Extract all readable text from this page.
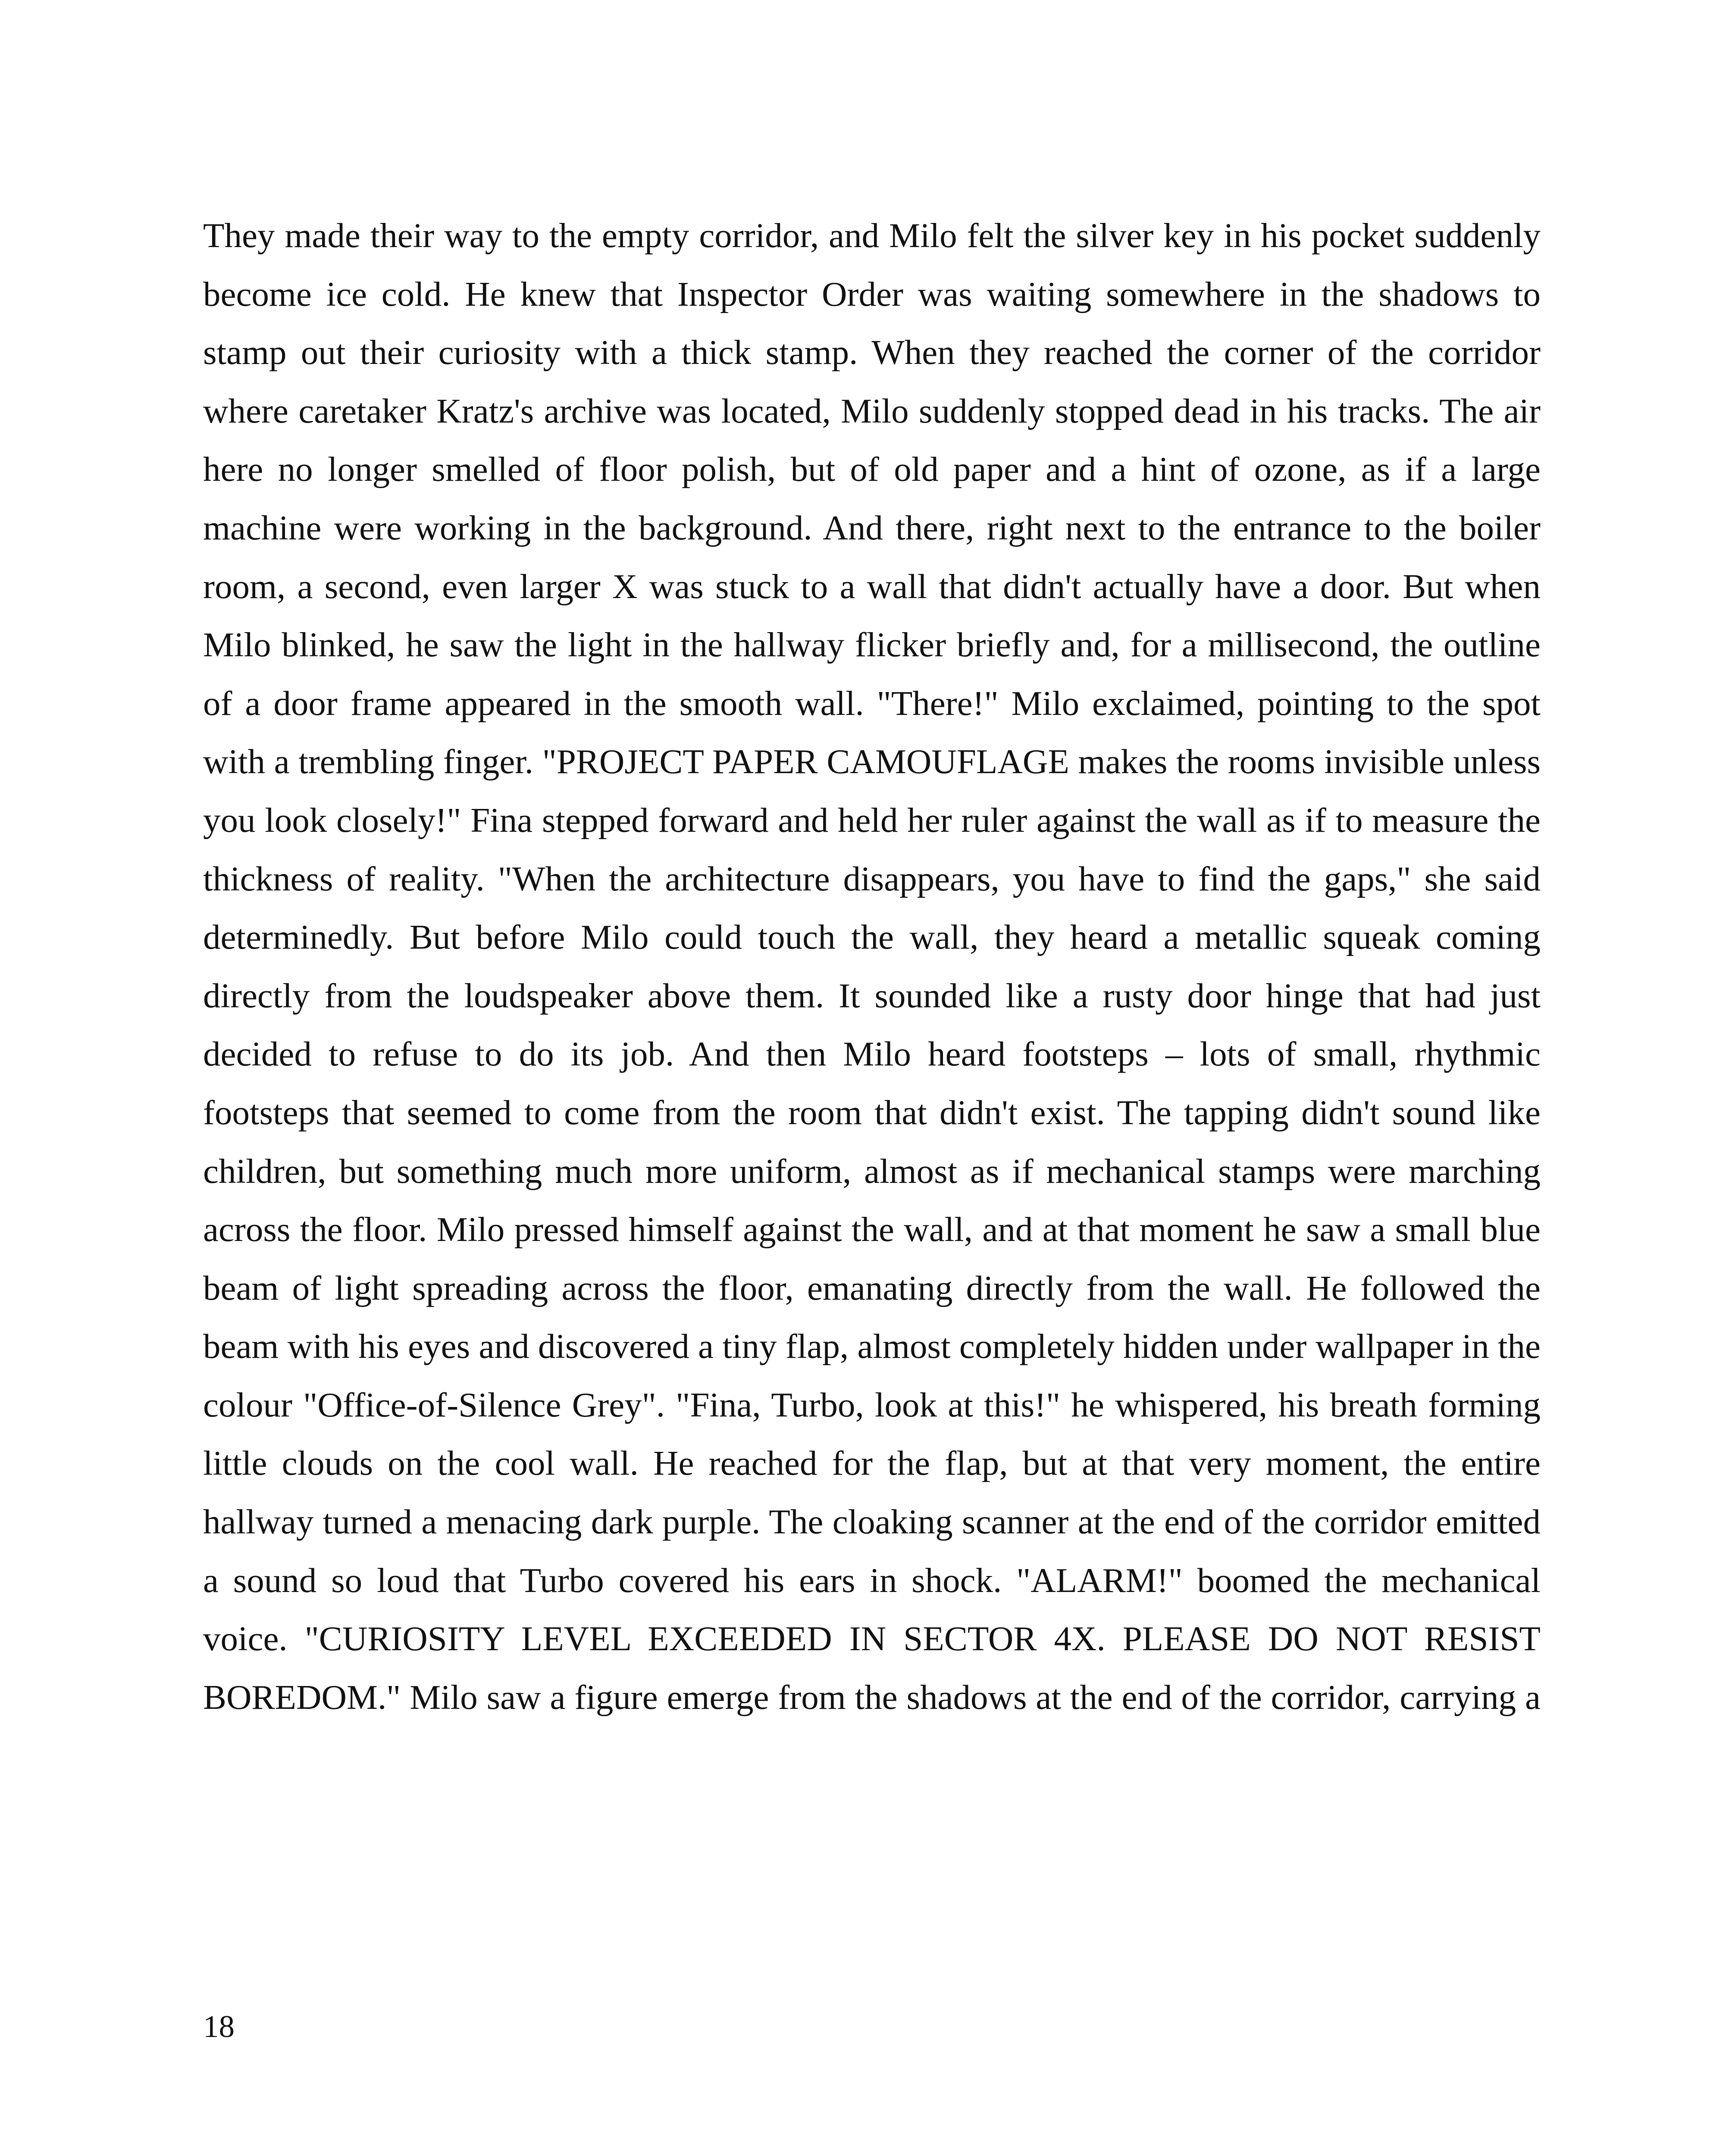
They made their way to the empty corridor, and Milo felt the silver key in his pocket suddenly become ice cold. He knew that Inspector Order was waiting somewhere in the shadows to stamp out their curiosity with a thick stamp. When they reached the corner of the corridor where caretaker Kratz's archive was located, Milo suddenly stopped dead in his tracks. The air here no longer smelled of floor polish, but of old paper and a hint of ozone, as if a large machine were working in the background. And there, right next to the entrance to the boiler room, a second, even larger X was stuck to a wall that didn't actually have a door. But when Milo blinked, he saw the light in the hallway flicker briefly and, for a millisecond, the outline of a door frame appeared in the smooth wall. "There!" Milo exclaimed, pointing to the spot with a trembling finger. "PROJECT PAPER CAMOUFLAGE makes the rooms invisible unless you look closely!" Fina stepped forward and held her ruler against the wall as if to measure the thickness of reality. "When the architecture disappears, you have to find the gaps," she said determinedly. But before Milo could touch the wall, they heard a metallic squeak coming directly from the loudspeaker above them. It sounded like a rusty door hinge that had just decided to refuse to do its job. And then Milo heard footsteps – lots of small, rhythmic footsteps that seemed to come from the room that didn't exist. The tapping didn't sound like children, but something much more uniform, almost as if mechanical stamps were marching across the floor. Milo pressed himself against the wall, and at that moment he saw a small blue beam of light spreading across the floor, emanating directly from the wall. He followed the beam with his eyes and discovered a tiny flap, almost completely hidden under wallpaper in the colour "Office-of-Silence Grey". "Fina, Turbo, look at this!" he whispered, his breath forming little clouds on the cool wall. He reached for the flap, but at that very moment, the entire hallway turned a menacing dark purple. The cloaking scanner at the end of the corridor emitted a sound so loud that Turbo covered his ears in shock. "ALARM!" boomed the mechanical voice. "CURIOSITY LEVEL EXCEEDED IN SECTOR 4X. PLEASE DO NOT RESIST BOREDOM." Milo saw a figure emerge from the shadows at the end of the corridor, carrying a

18
